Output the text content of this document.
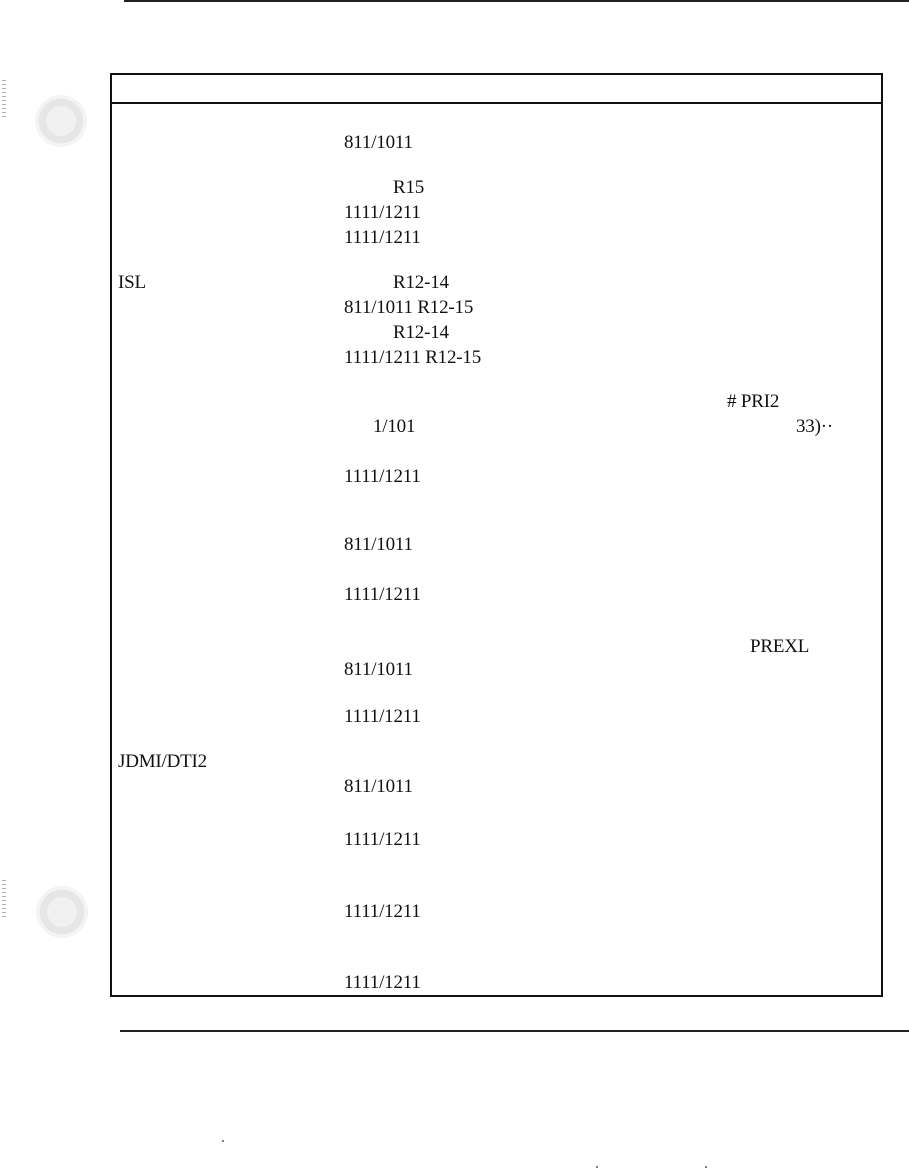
811/1011
R15
1111/1211
1111/1211
ISL	R12-14
811/1011 R12-15
R12-14
1111/1211 R12-15
# PRI2
1/101	33)··
1111/1211
811/1011
1111/1211
PREXL
811/1011
1111/1211
JDMI/DTI2
811/1011
1111/1211
1111/1211
1111/1211
